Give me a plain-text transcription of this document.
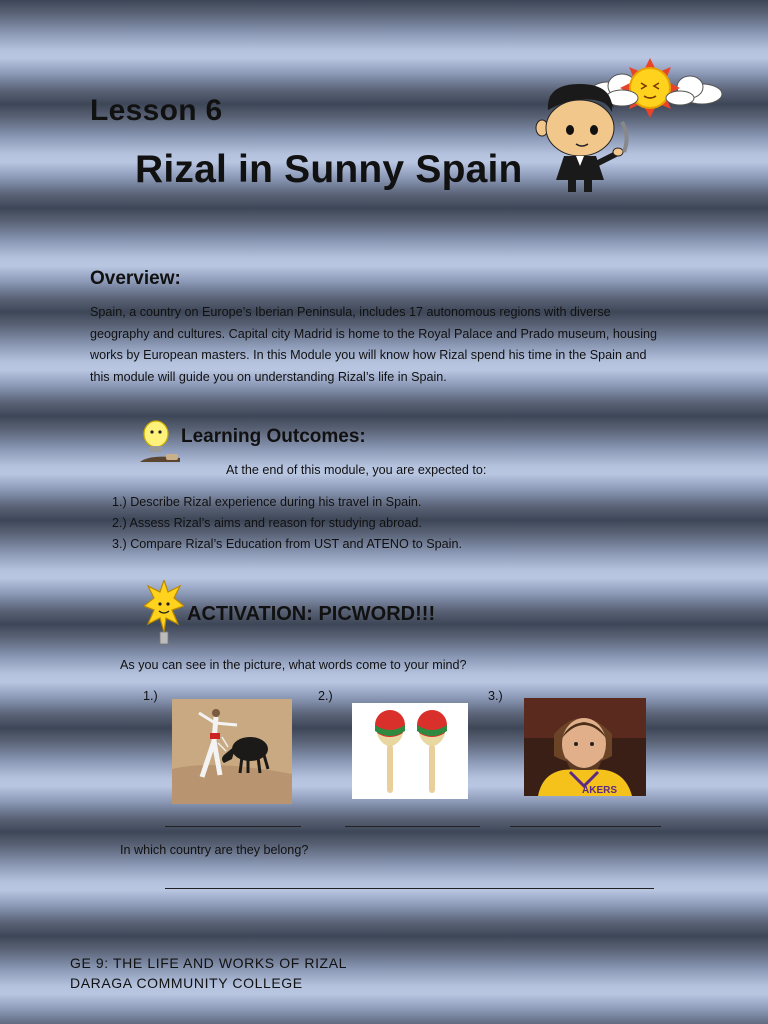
Lesson 6
Rizal in Sunny Spain
Overview:

Spain, a country on Europe’s Iberian Peninsula, includes 17 autonomous regions with diverse geography and cultures. Capital city Madrid is home to the Royal Palace and Prado museum, housing works by European masters. In this Module you will know how Rizal spend his time in the Spain and this module will guide you on understanding Rizal’s life in Spain.

Learning Outcomes:
At the end of this module, you are expected to:
1.) Describe Rizal experience during his travel in Spain.
2.) Assess Rizal’s aims and reason for studying abroad.
3.) Compare Rizal’s Education from UST and ATENO to Spain.
ACTIVATION: PICWORD!!!
As you can see in the picture, what words come to your mind?
1.)	2.)	3.)
AKERS
In which country are they belong?
GE 9: THE LIFE AND WORKS OF RIZAL
DARAGA COMMUNITY COLLEGE
